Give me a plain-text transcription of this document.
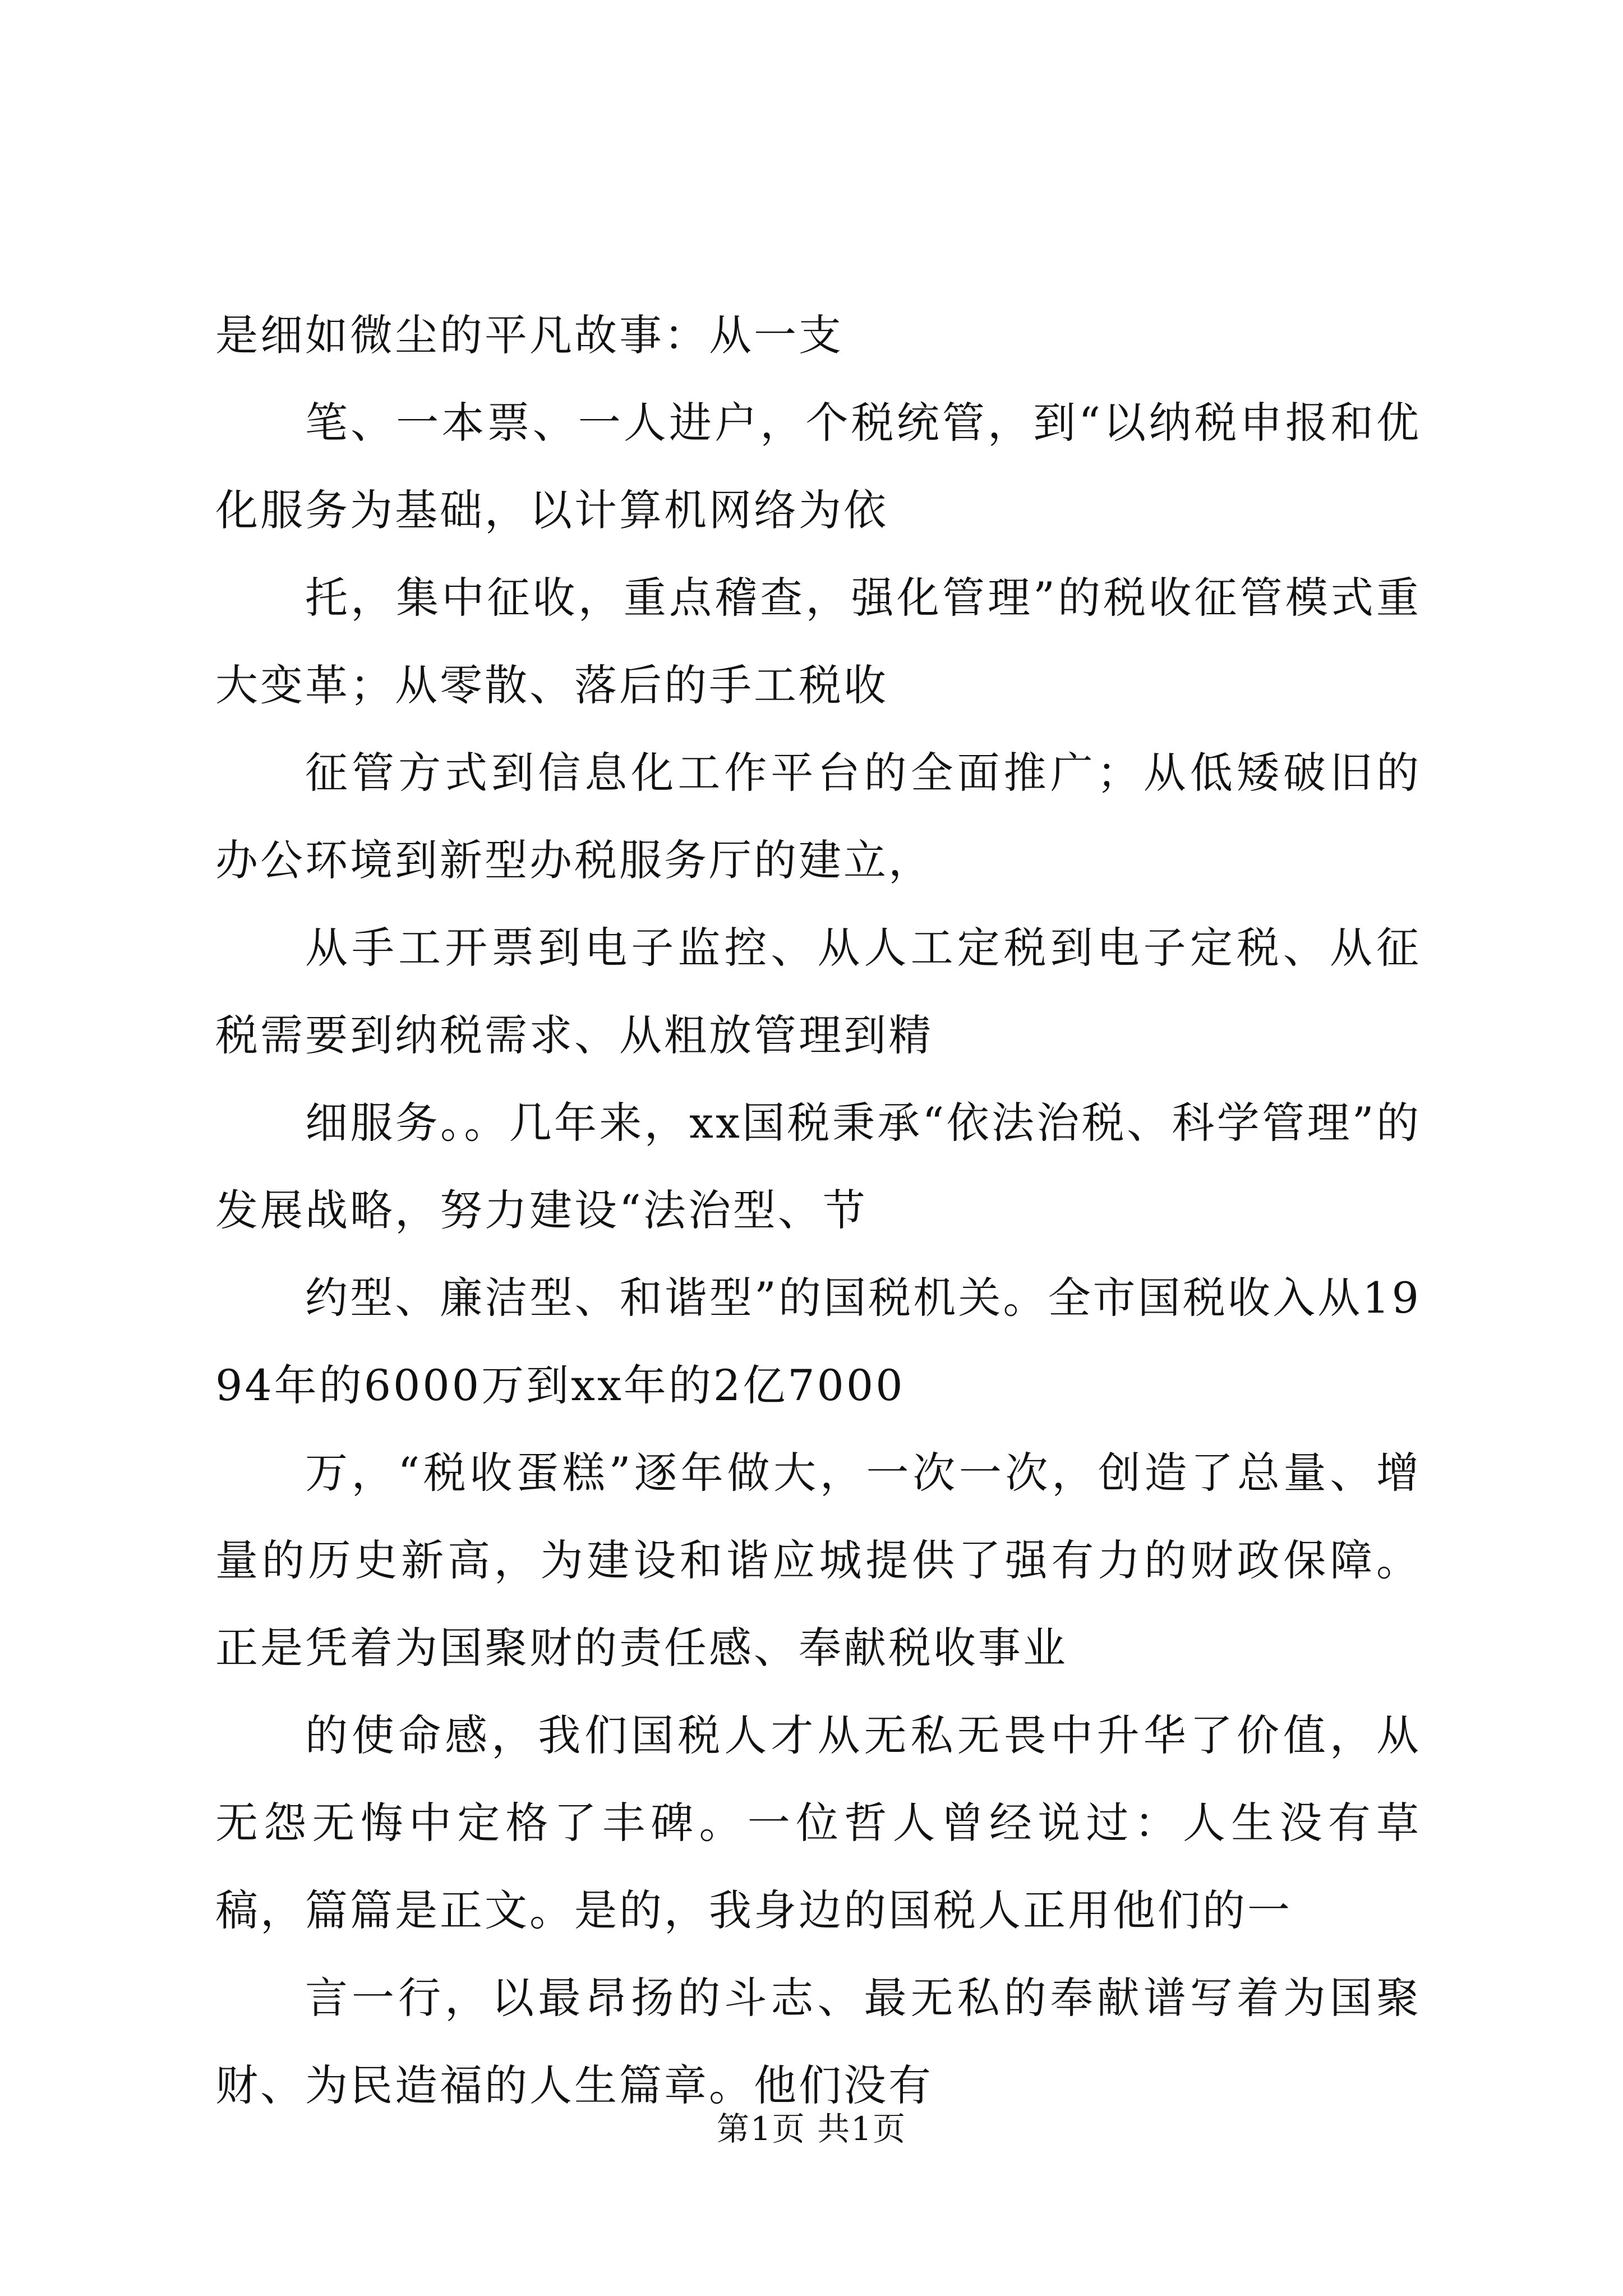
是细如微尘的平凡故事：从一支

笔、一本票、一人进户，个税统管，到“以纳税申报和优化服务为基础，以计算机网络为依

托，集中征收，重点稽查，强化管理”的税收征管模式重大变革；从零散、落后的手工税收

征管方式到信息化工作平台的全面推广；从低矮破旧的办公环境到新型办税服务厅的建立，

从手工开票到电子监控、从人工定税到电子定税、从征税需要到纳税需求、从粗放管理到精

细服务。。几年来，xx国税秉承“依法治税、科学管理”的发展战略，努力建设“法治型、节

约型、廉洁型、和谐型”的国税机关。全市国税收入从1994年的6000万到xx年的2亿7000

万，“税收蛋糕”逐年做大，一次一次，创造了总量、增量的历史新高，为建设和谐应城提供了强有力的财政保障。正是凭着为国聚财的责任感、奉献税收事业

的使命感，我们国税人才从无私无畏中升华了价值，从无怨无悔中定格了丰碑。一位哲人曾经说过：人生没有草稿，篇篇是正文。是的，我身边的国税人正用他们的一

言一行，以最昂扬的斗志、最无私的奉献谱写着为国聚财、为民造福的人生篇章。他们没有

第1页 共1页
